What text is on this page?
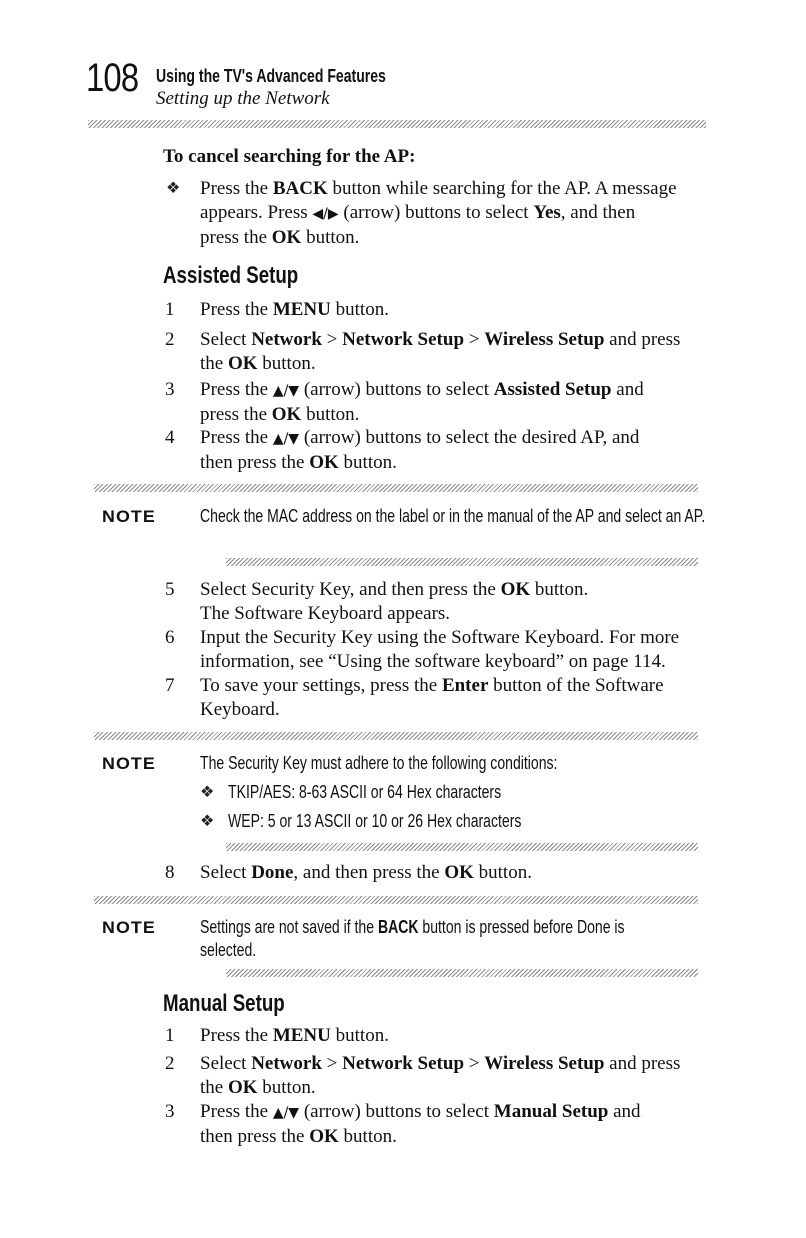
108 Using the TV's Advanced Features
Setting up the Network
To cancel searching for the AP:
❖ Press the BACK button while searching for the AP. A message
appears. Press ◀/▶ (arrow) buttons to select Yes, and then
press the OK button.
Assisted Setup
1 Press the MENU button.
2 Select Network > Network Setup > Wireless Setup and press
the OK button.
3 Press the ▲/▼ (arrow) buttons to select Assisted Setup and
press the OK button.
4 Press the ▲/▼ (arrow) buttons to select the desired AP, and
then press the OK button.
NOTE Check the MAC address on the label or in the manual of the AP and select an AP.
5 Select Security Key, and then press the OK button.
The Software Keyboard appears.
6 Input the Security Key using the Software Keyboard. For more
information, see “Using the software keyboard” on page 114.
7 To save your settings, press the Enter button of the Software
Keyboard.
NOTE The Security Key must adhere to the following conditions:
❖ TKIP/AES: 8-63 ASCII or 64 Hex characters
❖ WEP: 5 or 13 ASCII or 10 or 26 Hex characters
8 Select Done, and then press the OK button.
NOTE Settings are not saved if the BACK button is pressed before Done is
selected.
Manual Setup
1 Press the MENU button.
2 Select Network > Network Setup > Wireless Setup and press
the OK button.
3 Press the ▲/▼ (arrow) buttons to select Manual Setup and
then press the OK button.
